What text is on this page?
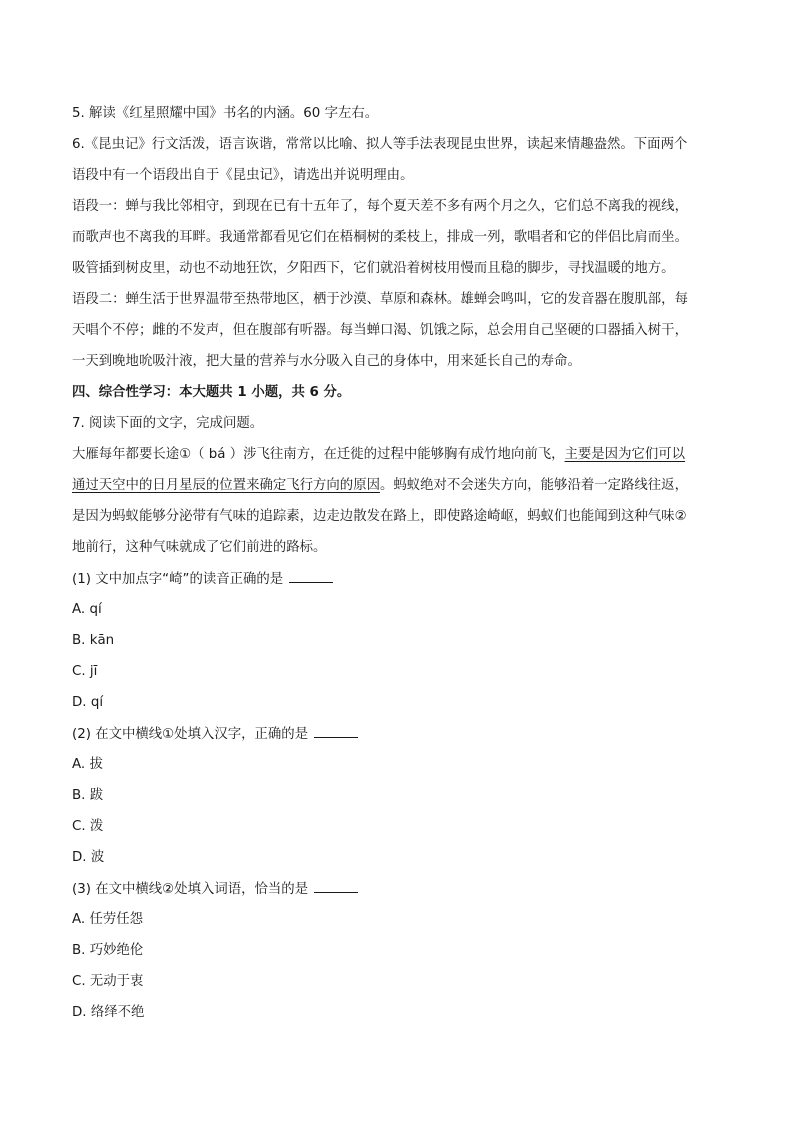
5. 解读《红星照耀中国》书名的内涵。60 字左右。
6.《昆虫记》行文活泼，语言诙谐，常常以比喻、拟人等手法表现昆虫世界，读起来情趣盎然。下面两个
语段中有一个语段出自于《昆虫记》，请选出并说明理由。
语段一：蝉与我比邻相守，到现在已有十五年了，每个夏天差不多有两个月之久，它们总不离我的视线，
而歌声也不离我的耳畔。我通常都看见它们在梧桐树的柔枝上，排成一列，歌唱者和它的伴侣比肩而坐。
吸管插到树皮里，动也不动地狂饮，夕阳西下，它们就沿着树枝用慢而且稳的脚步，寻找温暖的地方。
语段二：蝉生活于世界温带至热带地区，栖于沙漠、草原和森林。雄蝉会鸣叫，它的发音器在腹肌部，每
天唱个不停；雌的不发声，但在腹部有听器。每当蝉口渴、饥饿之际，总会用自己坚硬的口器插入树干，
一天到晚地吮吸汁液，把大量的营养与水分吸入自己的身体中，用来延长自己的寿命。
四、综合性学习：本大题共 1 小题，共 6 分。
7. 阅读下面的文字，完成问题。
大雁每年都要长途①（ bá ）涉飞往南方，在迁徙的过程中能够胸有成竹地向前飞，主要是因为它们可以
通过天空中的日月星辰的位置来确定飞行方向的原因。蚂蚁绝对不会迷失方向，能够沿着一定路线往返，
是因为蚂蚁能够分泌带有气味的追踪素，边走边散发在路上，即使路途崎岖，蚂蚁们也能闻到这种气味②
地前行，这种气味就成了它们前进的路标。
(1) 文中加点字“崎”的读音正确的是
A. qí
B. kān
C. jī
D. qí
(2) 在文中横线①处填入汉字，正确的是
A. 拔
B. 跋
C. 泼
D. 波
(3) 在文中横线②处填入词语，恰当的是
A. 任劳任怨
B. 巧妙绝伦
C. 无动于衷
D. 络绎不绝
